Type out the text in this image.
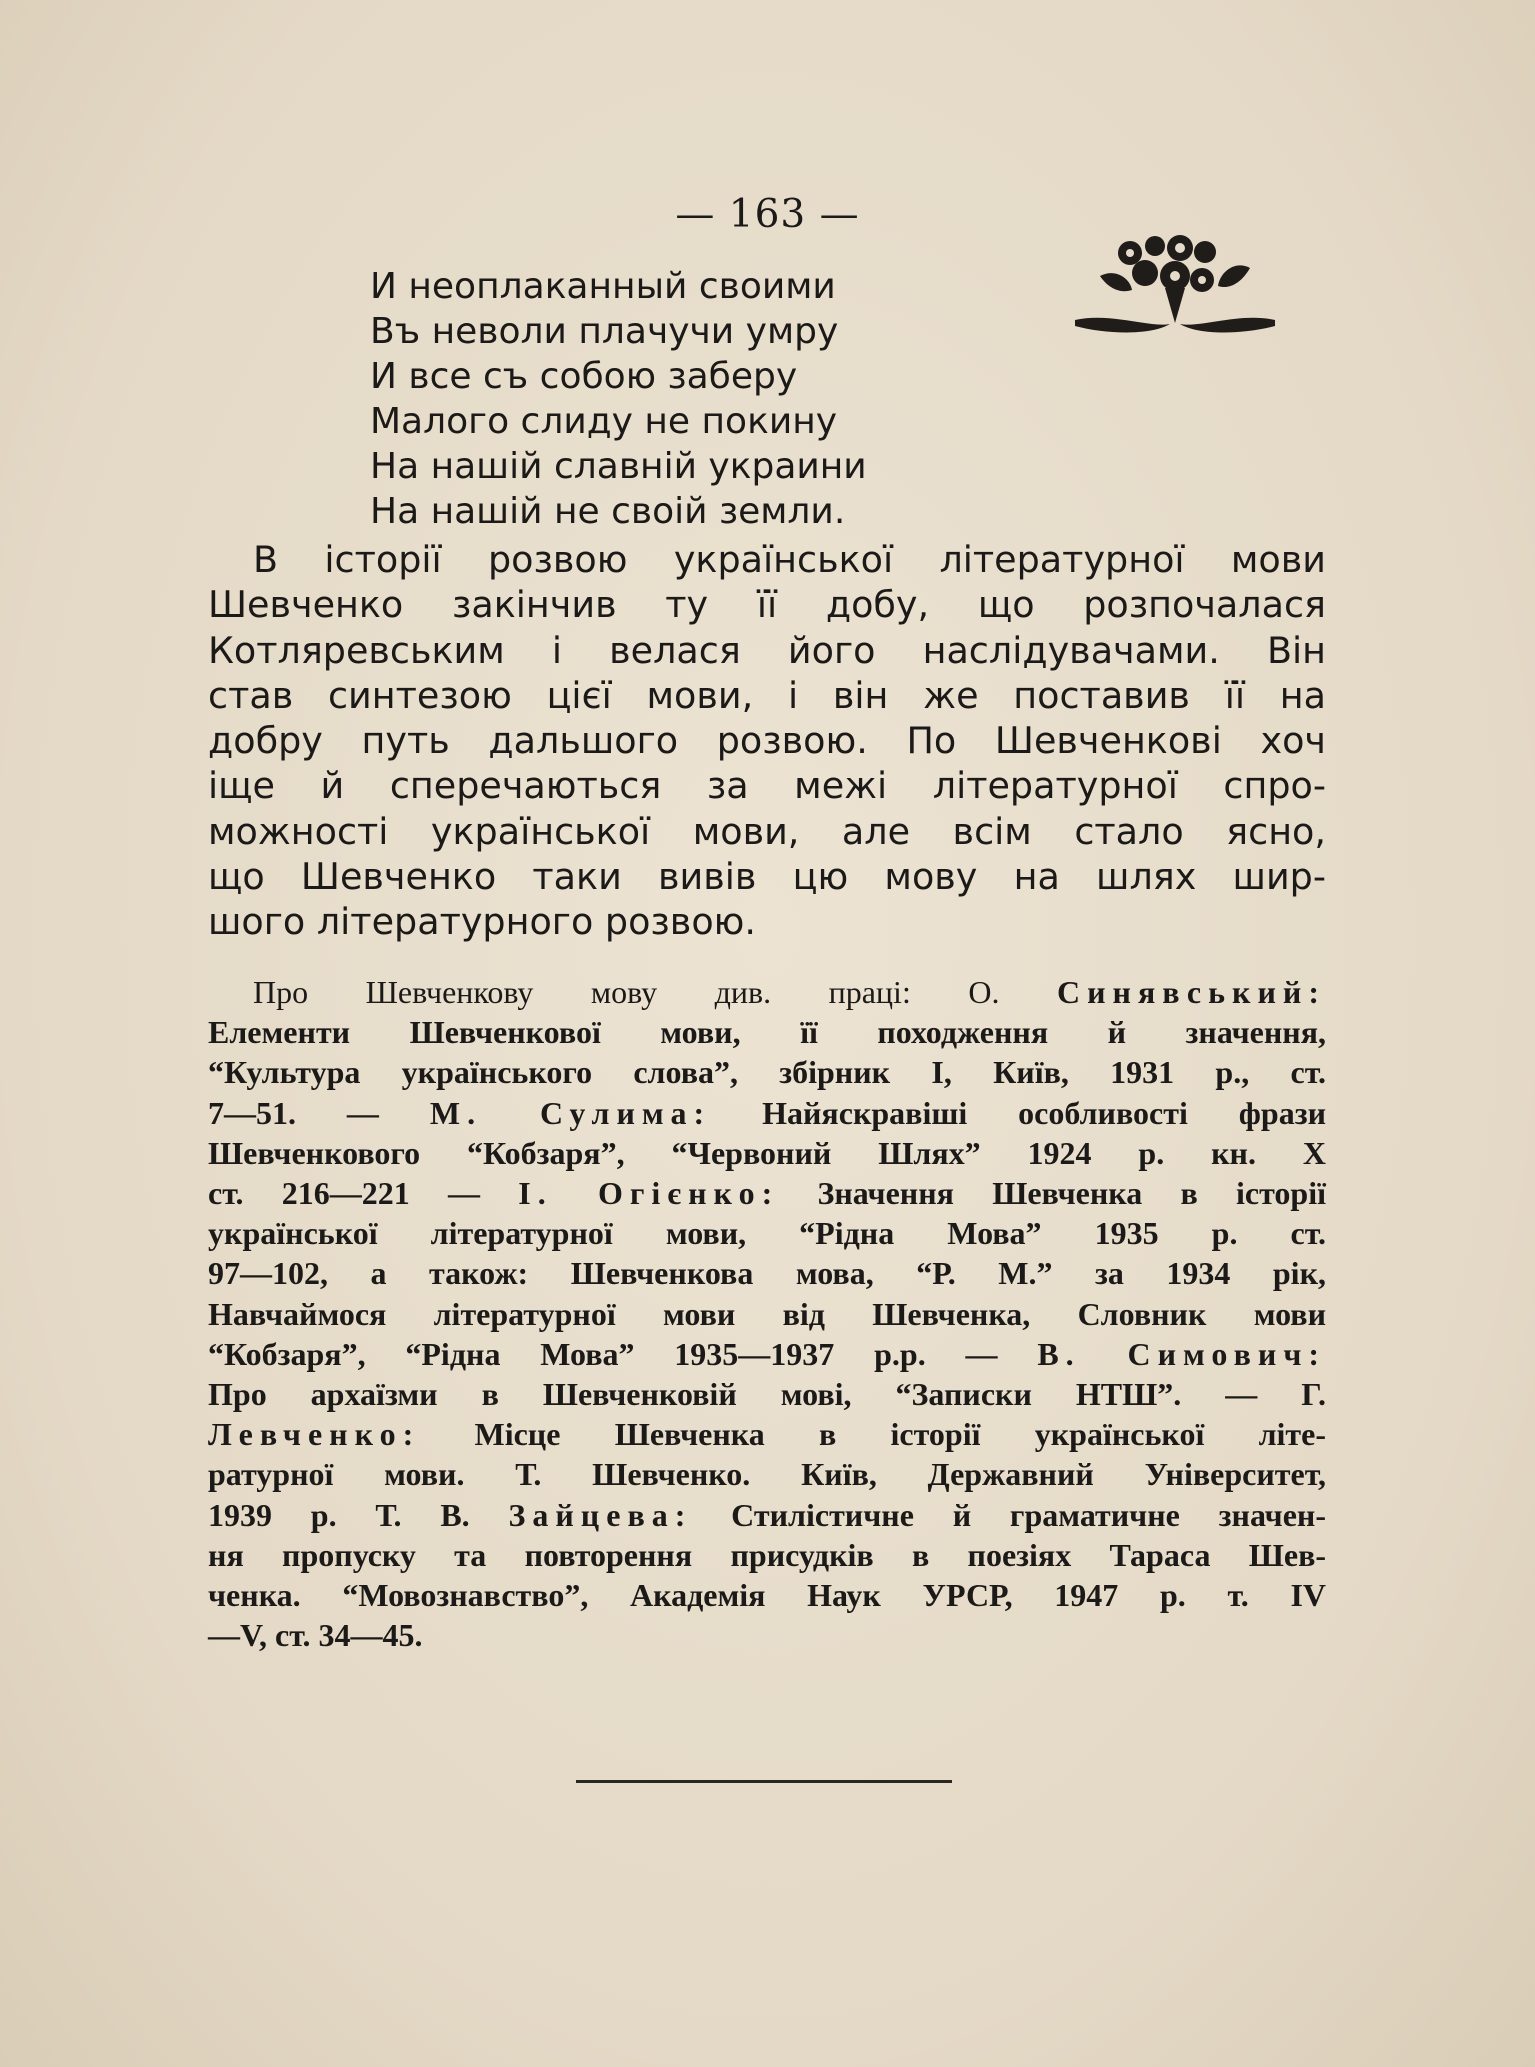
— 163 —
И неоплаканный своими
Въ неволи плачучи умру
И все съ собою заберу
Малого слиду не покину
На нашій славній украини
На нашій не своій земли.
В історії розвою української літературної мови
Шевченко закінчив ту її добу, що розпочалася
Котляревським і велася його наслідувачами. Він
став синтезою цієї мови, і він же поставив її на
добру путь дальшого розвою. По Шевченкові хоч
іще й сперечаються за межі літературної спро-
можності української мови, але всім стало ясно,
що Шевченко таки вивів цю мову на шлях шир-
шого літературного розвою.
Про Шевченкову мову див. праці: О. Синявський:
Елементи Шевченкової мови, її походження й значення,
“Культура українського слова”, збірник І, Київ, 1931 р., ст.
7—51. — М. Сулима: Найяскравіші особливості фрази
Шевченкового “Кобзаря”, “Червоний Шлях” 1924 р. кн. Х
ст. 216—221 — І. Огієнко: Значення Шевченка в історії
української літературної мови, “Рідна Мова” 1935 р. ст.
97—102, а також: Шевченкова мова, “Р. М.” за 1934 рік,
Навчаймося літературної мови від Шевченка, Словник мови
“Кобзаря”, “Рідна Мова” 1935—1937 р.р. — В. Симович:
Про архаїзми в Шевченковій мові, “Записки НТШ”. — Г.
Левченко: Місце Шевченка в історії української літе-
ратурної мови. Т. Шевченко. Київ, Державний Університет,
1939 р. Т. В. Зайцева: Стилістичне й граматичне значен-
ня пропуску та повторення присудків в поезіях Тараса Шев-
ченка. “Мовознавство”, Академія Наук УРСР, 1947 р. т. IV
—V, ст. 34—45.
